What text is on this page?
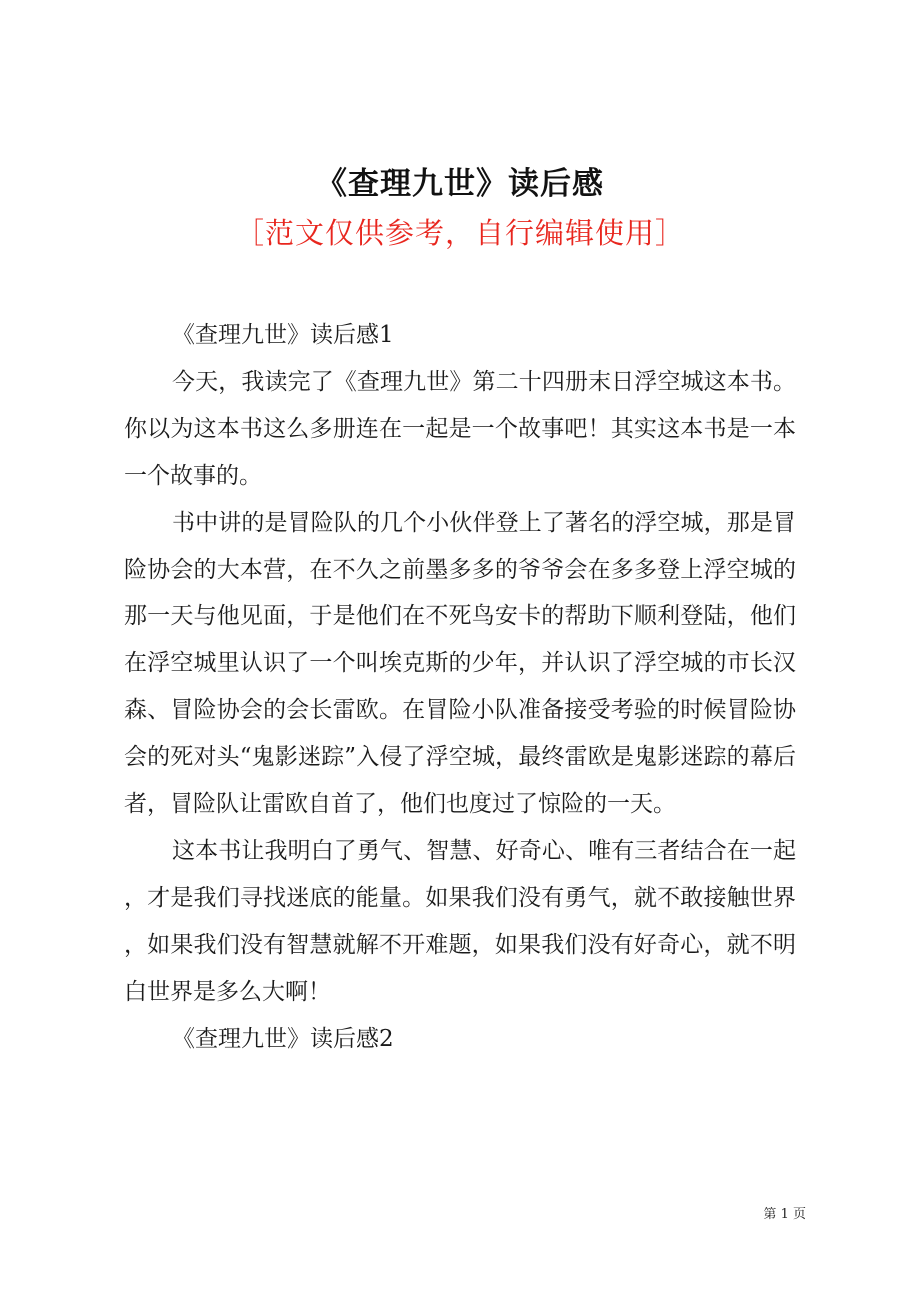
《查理九世》读后感
［范文仅供参考，自行编辑使用］

《查理九世》读后感1

今天，我读完了《查理九世》第二十四册末日浮空城这本书。你以为这本书这么多册连在一起是一个故事吧！其实这本书是一本一个故事的。

书中讲的是冒险队的几个小伙伴登上了著名的浮空城，那是冒险协会的大本营，在不久之前墨多多的爷爷会在多多登上浮空城的那一天与他见面，于是他们在不死鸟安卡的帮助下顺利登陆，他们在浮空城里认识了一个叫埃克斯的少年，并认识了浮空城的市长汉森、冒险协会的会长雷欧。在冒险小队准备接受考验的时候冒险协会的死对头“鬼影迷踪”入侵了浮空城，最终雷欧是鬼影迷踪的幕后者，冒险队让雷欧自首了，他们也度过了惊险的一天。

这本书让我明白了勇气、智慧、好奇心、唯有三者结合在一起，才是我们寻找迷底的能量。如果我们没有勇气，就不敢接触世界，如果我们没有智慧就解不开难题，如果我们没有好奇心，就不明白世界是多么大啊！

《查理九世》读后感2

第 1 页
